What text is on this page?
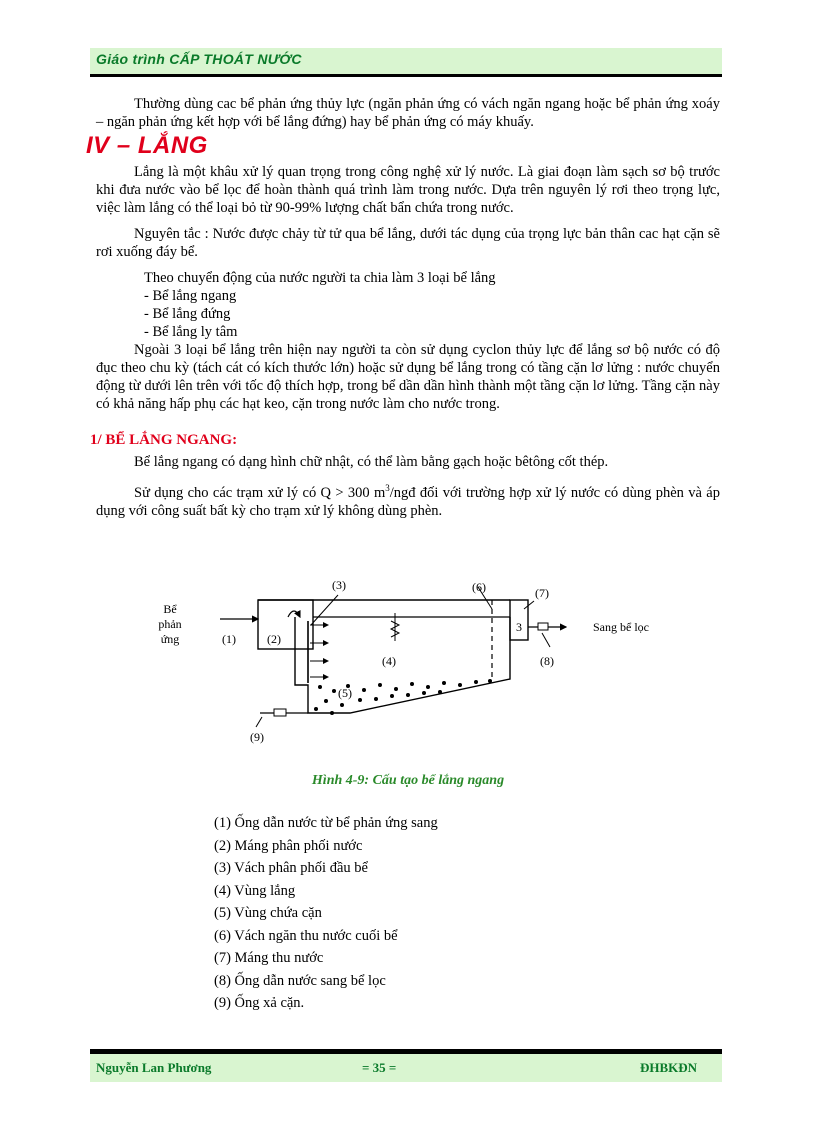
Giáo trình CẤP THOÁT NƯỚC

Thường dùng cac bể phản ứng thủy lực (ngăn phản ứng có vách ngăn ngang hoặc bể phản ứng xoáy – ngăn phản ứng kết hợp với bể lắng đứng) hay bể phản ứng có máy khuấy.

IV – LẮNG

Lắng là một khâu xử lý quan trọng trong công nghệ xử lý nước. Là giai đoạn làm sạch sơ bộ trước khi đưa nước vào bể lọc để hoàn thành quá trình làm trong nước. Dựa trên nguyên lý rơi theo trọng lực, việc làm lắng có thể loại bỏ từ 90-99% lượng chất bẩn chứa trong nước.

Nguyên tắc : Nước được chảy từ tử qua bể lắng, dưới tác dụng của trọng lực bản thân cac hạt cặn sẽ rơi xuống đáy bể.

Theo chuyển động của nước người ta chia làm 3 loại bể lắng

- Bể lắng ngang

- Bể lắng đứng

- Bể lắng ly tâm

Ngoài 3 loại bể lắng trên hiện nay người ta còn sử dụng cyclon thủy lực để lắng sơ bộ nước có độ đục theo chu kỳ (tách cát có kích thước lớn) hoặc sử dụng bể lắng trong có tầng cặn lơ lửng : nước chuyển động từ dưới lên trên với tốc độ thích hợp, trong bể dần dần hình thành một tầng cặn lơ lửng. Tầng cặn này có khả năng hấp phụ các hạt keo, cặn trong nước làm cho nước trong.

1/ BỂ LẮNG NGANG:

Bể lắng ngang có dạng hình chữ nhật, có thể làm bằng gạch hoặc bêtông cốt thép.

Sử dụng cho các trạm xử lý có Q > 300 $m^3$/ngđ đối với trường hợp xử lý nước có dùng phèn và áp dụng với công suất bất kỳ cho trạm xử lý không dùng phèn.

Bể
phản
ứng	(1)	(2)
(3)
(4)
(5)
(6)	(7)
3
(8)
Sang bể lọc
(9)
Hình 4-9: Cấu tạo bể lắng ngang
(1) Ống dẫn nước từ bể phản ứng sang
(2) Máng phân phối nước
(3) Vách phân phối đầu bể
(4) Vùng lắng
(5) Vùng chứa cặn
(6) Vách ngăn thu nước cuối bể
(7) Máng thu nước
(8) Ống dẫn nước sang bể lọc
(9) Ống xả cặn.
Nguyễn Lan Phương	= 35 =	ĐHBKĐN
